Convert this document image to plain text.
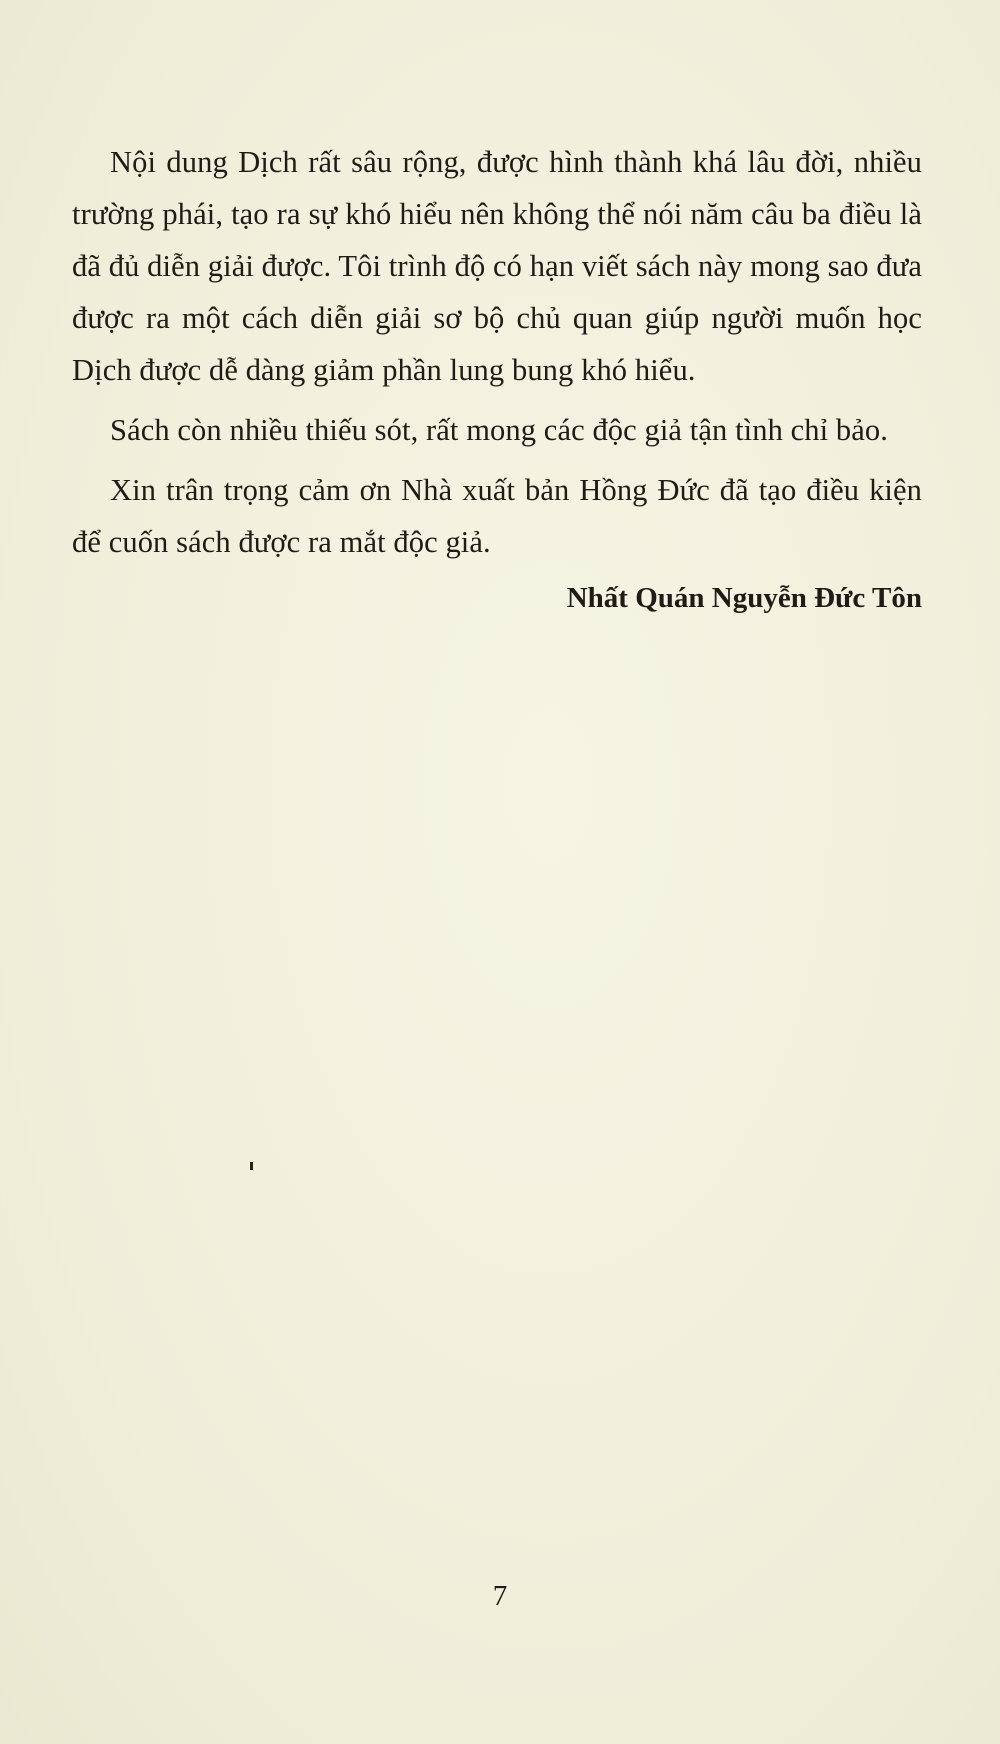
Nội dung Dịch rất sâu rộng, được hình thành khá lâu đời, nhiều trường phái, tạo ra sự khó hiểu nên không thể nói năm câu ba điều là đã đủ diễn giải được. Tôi trình độ có hạn viết sách này mong sao đưa được ra một cách diễn giải sơ bộ chủ quan giúp người muốn học Dịch được dễ dàng giảm phần lung bung khó hiểu.

Sách còn nhiều thiếu sót, rất mong các độc giả tận tình chỉ bảo.

Xin trân trọng cảm ơn Nhà xuất bản Hồng Đức đã tạo điều kiện để cuốn sách được ra mắt độc giả.

Nhất Quán Nguyễn Đức Tôn

7
